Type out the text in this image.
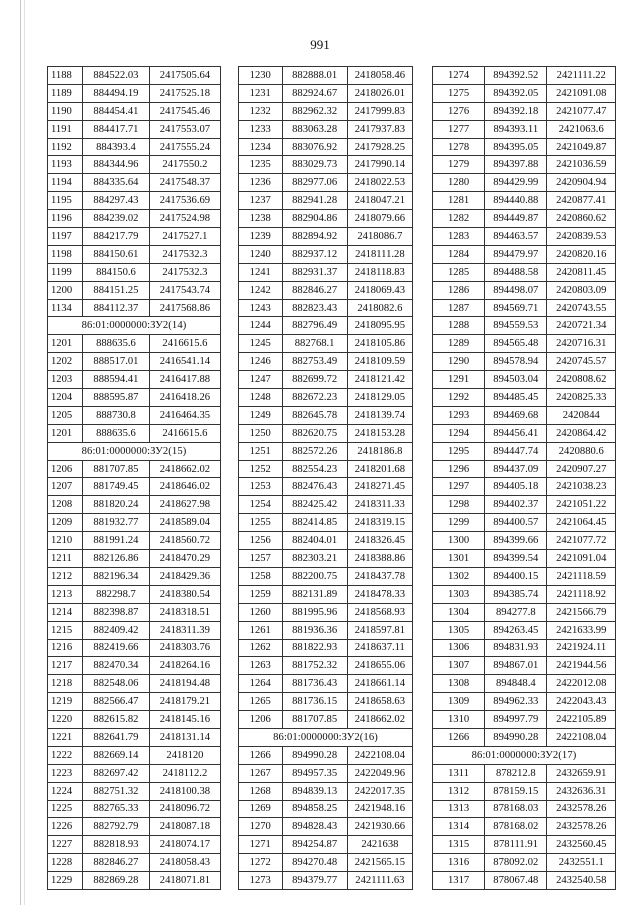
991
1188	884522.03	2417505.64
1189	884494.19	2417525.18
1190	884454.41	2417545.46
1191	884417.71	2417553.07
1192	884393.4	2417555.24
1193	884344.96	2417550.2
1194	884335.64	2417548.37
1195	884297.43	2417536.69
1196	884239.02	2417524.98
1197	884217.79	2417527.1
1198	884150.61	2417532.3
1199	884150.6	2417532.3
1200	884151.25	2417543.74
1134	884112.37	2417568.86
86:01:0000000:ЗУ2(14)		
1201	888635.6	2416615.6
1202	888517.01	2416541.14
1203	888594.41	2416417.88
1204	888595.87	2416418.26
1205	888730.8	2416464.35
1201	888635.6	2416615.6
86:01:0000000:ЗУ2(15)		
1206	881707.85	2418662.02
1207	881749.45	2418646.02
1208	881820.24	2418627.98
1209	881932.77	2418589.04
1210	881991.24	2418560.72
1211	882126.86	2418470.29
1212	882196.34	2418429.36
1213	882298.7	2418380.54
1214	882398.87	2418318.51
1215	882409.42	2418311.39
1216	882419.66	2418303.76
1217	882470.34	2418264.16
1218	882548.06	2418194.48
1219	882566.47	2418179.21
1220	882615.82	2418145.16
1221	882641.79	2418131.14
1222	882669.14	2418120
1223	882697.42	2418112.2
1224	882751.32	2418100.38
1225	882765.33	2418096.72
1226	882792.79	2418087.18
1227	882818.93	2418074.17
1228	882846.27	2418058.43
1229	882869.28	2418071.81
1230	882888.01	2418058.46
1231	882924.67	2418026.01
1232	882962.32	2417999.83
1233	883063.28	2417937.83
1234	883076.92	2417928.25
1235	883029.73	2417990.14
1236	882977.06	2418022.53
1237	882941.28	2418047.21
1238	882904.86	2418079.66
1239	882894.92	2418086.7
1240	882937.12	2418111.28
1241	882931.37	2418118.83
1242	882846.27	2418069.43
1243	882823.43	2418082.6
1244	882796.49	2418095.95
1245	882768.1	2418105.86
1246	882753.49	2418109.59
1247	882699.72	2418121.42
1248	882672.23	2418129.05
1249	882645.78	2418139.74
1250	882620.75	2418153.28
1251	882572.26	2418186.8
1252	882554.23	2418201.68
1253	882476.43	2418271.45
1254	882425.42	2418311.33
1255	882414.85	2418319.15
1256	882404.01	2418326.45
1257	882303.21	2418388.86
1258	882200.75	2418437.78
1259	882131.89	2418478.33
1260	881995.96	2418568.93
1261	881936.36	2418597.81
1262	881822.93	2418637.11
1263	881752.32	2418655.06
1264	881736.43	2418661.14
1265	881736.15	2418658.63
1206	881707.85	2418662.02
86:01:0000000:ЗУ2(16)		
1266	894990.28	2422108.04
1267	894957.35	2422049.96
1268	894839.13	2422017.35
1269	894858.25	2421948.16
1270	894828.43	2421930.66
1271	894254.87	2421638
1272	894270.48	2421565.15
1273	894379.77	2421111.63
1274	894392.52	2421111.22
1275	894392.05	2421091.08
1276	894392.18	2421077.47
1277	894393.11	2421063.6
1278	894395.05	2421049.87
1279	894397.88	2421036.59
1280	894429.99	2420904.94
1281	894440.88	2420877.41
1282	894449.87	2420860.62
1283	894463.57	2420839.53
1284	894479.97	2420820.16
1285	894488.58	2420811.45
1286	894498.07	2420803.09
1287	894569.71	2420743.55
1288	894559.53	2420721.34
1289	894565.48	2420716.31
1290	894578.94	2420745.57
1291	894503.04	2420808.62
1292	894485.45	2420825.33
1293	894469.68	2420844
1294	894456.41	2420864.42
1295	894447.74	2420880.6
1296	894437.09	2420907.27
1297	894405.18	2421038.23
1298	894402.37	2421051.22
1299	894400.57	2421064.45
1300	894399.66	2421077.72
1301	894399.54	2421091.04
1302	894400.15	2421118.59
1303	894385.74	2421118.92
1304	894277.8	2421566.79
1305	894263.45	2421633.99
1306	894831.93	2421924.11
1307	894867.01	2421944.56
1308	894848.4	2422012.08
1309	894962.33	2422043.43
1310	894997.79	2422105.89
1266	894990.28	2422108.04
86:01:0000000:ЗУ2(17)		
1311	878212.8	2432659.91
1312	878159.15	2432636.31
1313	878168.03	2432578.26
1314	878168.02	2432578.26
1315	878111.91	2432560.45
1316	878092.02	2432551.1
1317	878067.48	2432540.58
